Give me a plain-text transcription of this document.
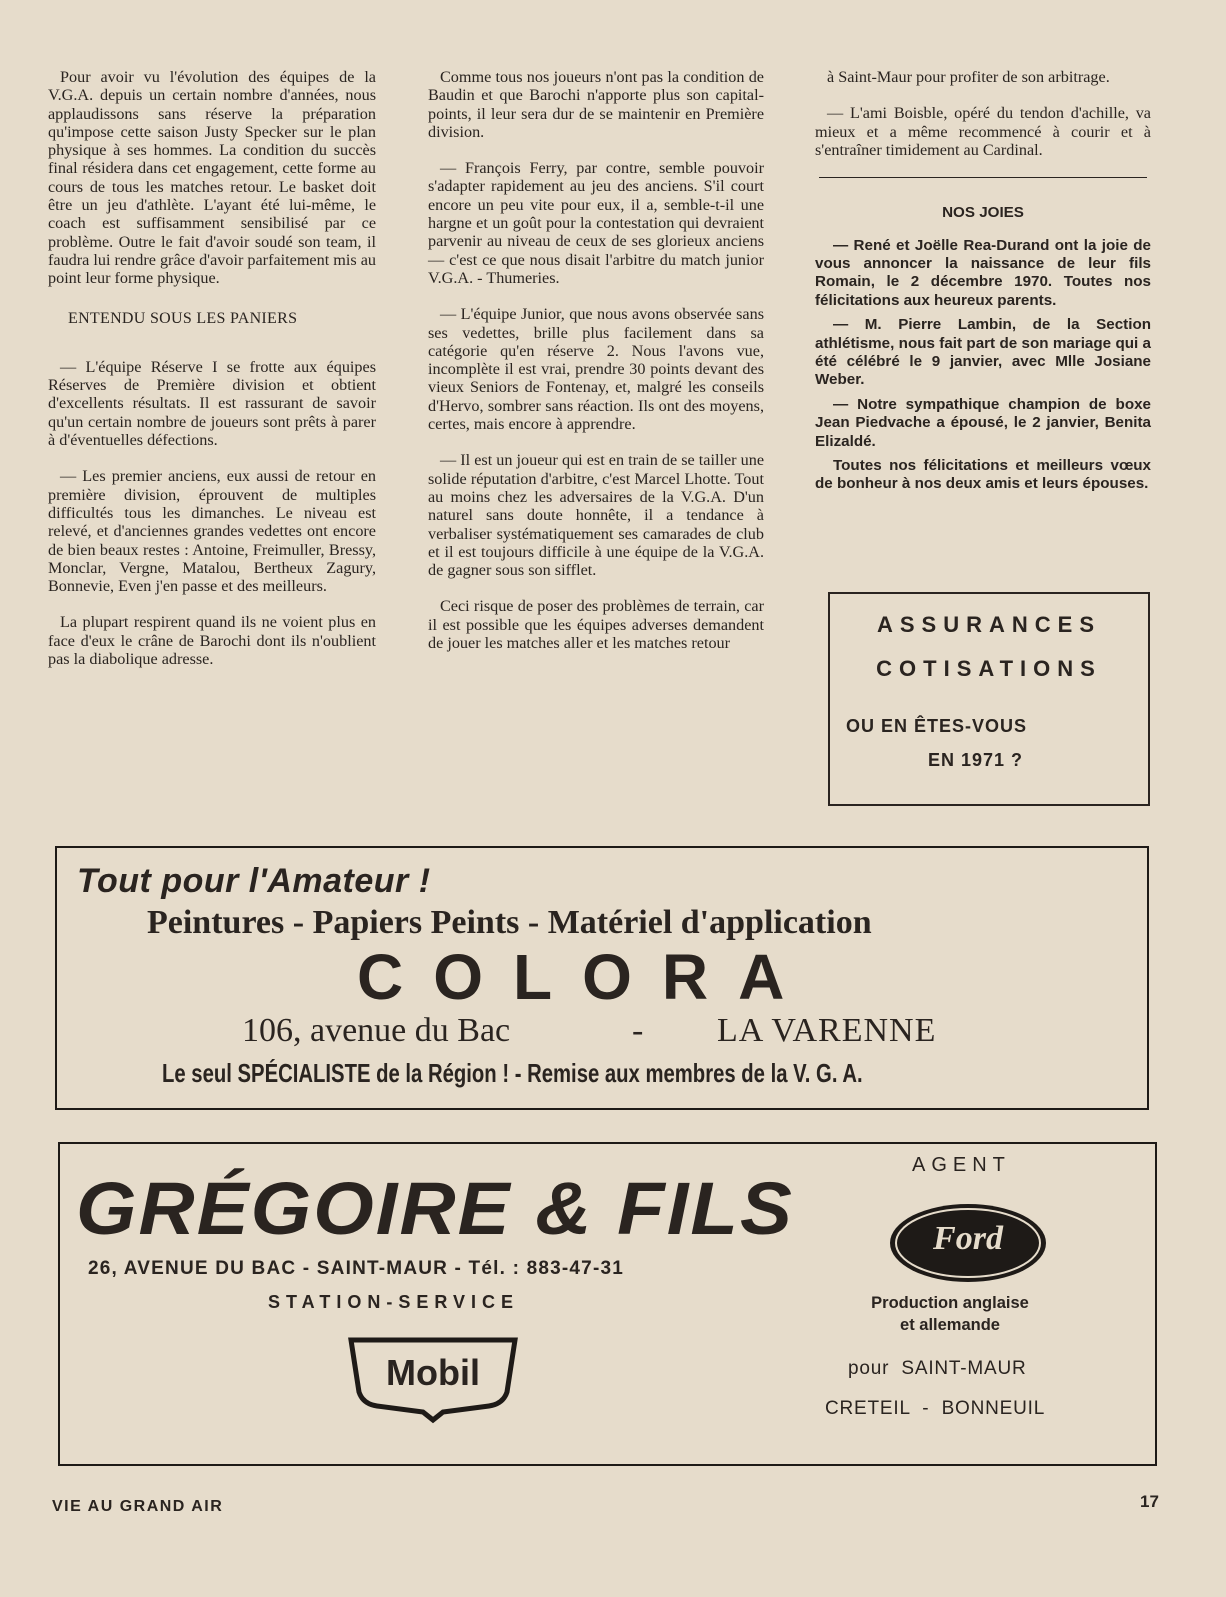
Pour avoir vu l'évolution des équipes de la V.G.A. depuis un certain nombre d'années, nous applaudissons sans réserve la préparation qu'impose cette saison Justy Specker sur le plan physique à ses hommes. La condition du succès final résidera dans cet engagement, cette forme au cours de tous les matches retour. Le basket doit être un jeu d'athlète. L'ayant été lui-même, le coach est suffisamment sensibilisé par ce problème. Outre le fait d'avoir soudé son team, il faudra lui rendre grâce d'avoir parfaitement mis au point leur forme physique.

ENTENDU SOUS LES PANIERS

— L'équipe Réserve I se frotte aux équipes Réserves de Première division et obtient d'excellents résultats. Il est rassurant de savoir qu'un certain nombre de joueurs sont prêts à parer à d'éventuelles défections.

— Les premier anciens, eux aussi de retour en première division, éprouvent de multiples difficultés tous les dimanches. Le niveau est relevé, et d'anciennes grandes vedettes ont encore de bien beaux restes : Antoine, Freimuller, Bressy, Monclar, Vergne, Matalou, Bertheux Zagury, Bonnevie, Even j'en passe et des meilleurs.

La plupart respirent quand ils ne voient plus en face d'eux le crâne de Barochi dont ils n'oublient pas la diabolique adresse.

Comme tous nos joueurs n'ont pas la condition de Baudin et que Barochi n'apporte plus son capital-points, il leur sera dur de se maintenir en Première division.

— François Ferry, par contre, semble pouvoir s'adapter rapidement au jeu des anciens. S'il court encore un peu vite pour eux, il a, semble-t-il une hargne et un goût pour la contestation qui devraient parvenir au niveau de ceux de ses glorieux anciens — c'est ce que nous disait l'arbitre du match junior V.G.A. - Thumeries.

— L'équipe Junior, que nous avons observée sans ses vedettes, brille plus facilement dans sa catégorie qu'en réserve 2. Nous l'avons vue, incomplète il est vrai, prendre 30 points devant des vieux Seniors de Fontenay, et, malgré les conseils d'Hervo, sombrer sans réaction. Ils ont des moyens, certes, mais encore à apprendre.

— Il est un joueur qui est en train de se tailler une solide réputation d'arbitre, c'est Marcel Lhotte. Tout au moins chez les adversaires de la V.G.A. D'un naturel sans doute honnête, il a tendance à verbaliser systématiquement ses camarades de club et il est toujours difficile à une équipe de la V.G.A. de gagner sous son sifflet.

Ceci risque de poser des problèmes de terrain, car il est possible que les équipes adverses demandent de jouer les matches aller et les matches retour

à Saint-Maur pour profiter de son arbitrage.

— L'ami Boisble, opéré du tendon d'achille, va mieux et a même recommencé à courir et à s'entraîner timidement au Cardinal.

NOS JOIES

— René et Joëlle Rea-Durand ont la joie de vous annoncer la naissance de leur fils Romain, le 2 décembre 1970. Toutes nos félicitations aux heureux parents.

— M. Pierre Lambin, de la Section athlétisme, nous fait part de son mariage qui a été célébré le 9 janvier, avec Mlle Josiane Weber.

— Notre sympathique champion de boxe Jean Piedvache a épousé, le 2 janvier, Benita Elizaldé.

Toutes nos félicitations et meilleurs vœux de bonheur à nos deux amis et leurs épouses.

ASSURANCES
COTISATIONS
OU EN ÊTES-VOUS
EN 1971 ?
Tout pour l'Amateur !
Peintures - Papiers Peints - Matériel d'application
COLORA
106, avenue du Bac	- LA VARENNE
Le seul SPÉCIALISTE de la Région ! - Remise aux membres de la V. G. A.
GRÉGOIRE & FILS
26, AVENUE DU BAC - SAINT-MAUR - Tél. : 883-47-31
STATION-SERVICE
Mobil
AGENT
Ford
Production anglaise
et allemande
pour  SAINT-MAUR
CRETEIL  -  BONNEUIL
VIE AU GRAND AIR	17
